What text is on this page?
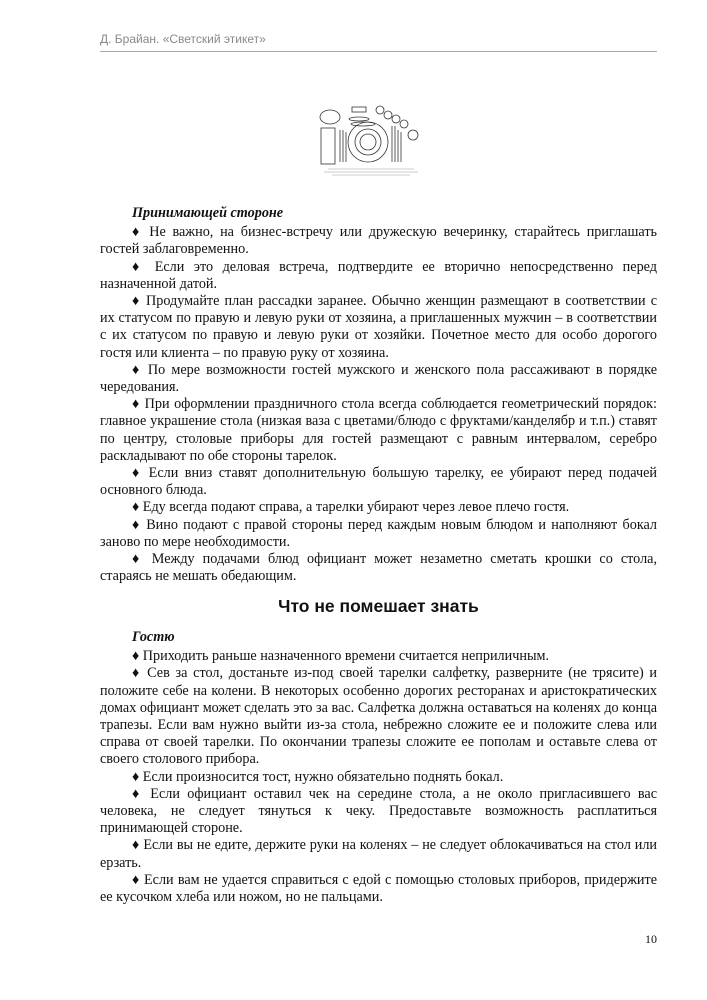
Д. Брайан. «Светский этикет»

Принимающей стороне

♦ Не важно, на бизнес-встречу или дружескую вечеринку, старайтесь приглашать гостей заблаговременно.

♦ Если это деловая встреча, подтвердите ее вторично непосредственно перед назначенной датой.

♦ Продумайте план рассадки заранее. Обычно женщин размещают в соответствии с их статусом по правую и левую руки от хозяина, а приглашенных мужчин – в соответствии с их статусом по правую и левую руки от хозяйки. Почетное место для особо дорогого гостя или клиента – по правую руку от хозяина.

♦ По мере возможности гостей мужского и женского пола рассаживают в порядке чередования.

♦ При оформлении праздничного стола всегда соблюдается геометрический порядок: главное украшение стола (низкая ваза с цветами/блюдо с фруктами/канделябр и т.п.) ставят по центру, столовые приборы для гостей размещают с равным интервалом, серебро раскладывают по обе стороны тарелок.

♦ Если вниз ставят дополнительную большую тарелку, ее убирают перед подачей основного блюда.

♦ Еду всегда подают справа, а тарелки убирают через левое плечо гостя.

♦ Вино подают с правой стороны перед каждым новым блюдом и наполняют бокал заново по мере необходимости.

♦ Между подачами блюд официант может незаметно сметать крошки со стола, стараясь не мешать обедающим.

Что не помешает знать

Гостю

♦ Приходить раньше назначенного времени считается неприличным.

♦ Сев за стол, достаньте из-под своей тарелки салфетку, разверните (не трясите) и положите себе на колени. В некоторых особенно дорогих ресторанах и аристократических домах официант может сделать это за вас. Салфетка должна оставаться на коленях до конца трапезы. Если вам нужно выйти из-за стола, небрежно сложите ее и положите слева или справа от своей тарелки. По окончании трапезы сложите ее пополам и оставьте слева от своего столового прибора.

♦ Если произносится тост, нужно обязательно поднять бокал.

♦ Если официант оставил чек на середине стола, а не около пригласившего вас человека, не следует тянуться к чеку. Предоставьте возможность расплатиться принимающей стороне.

♦ Если вы не едите, держите руки на коленях – не следует облокачиваться на стол или ерзать.

♦ Если вам не удается справиться с едой с помощью столовых приборов, придержите ее кусочком хлеба или ножом, но не пальцами.

10
